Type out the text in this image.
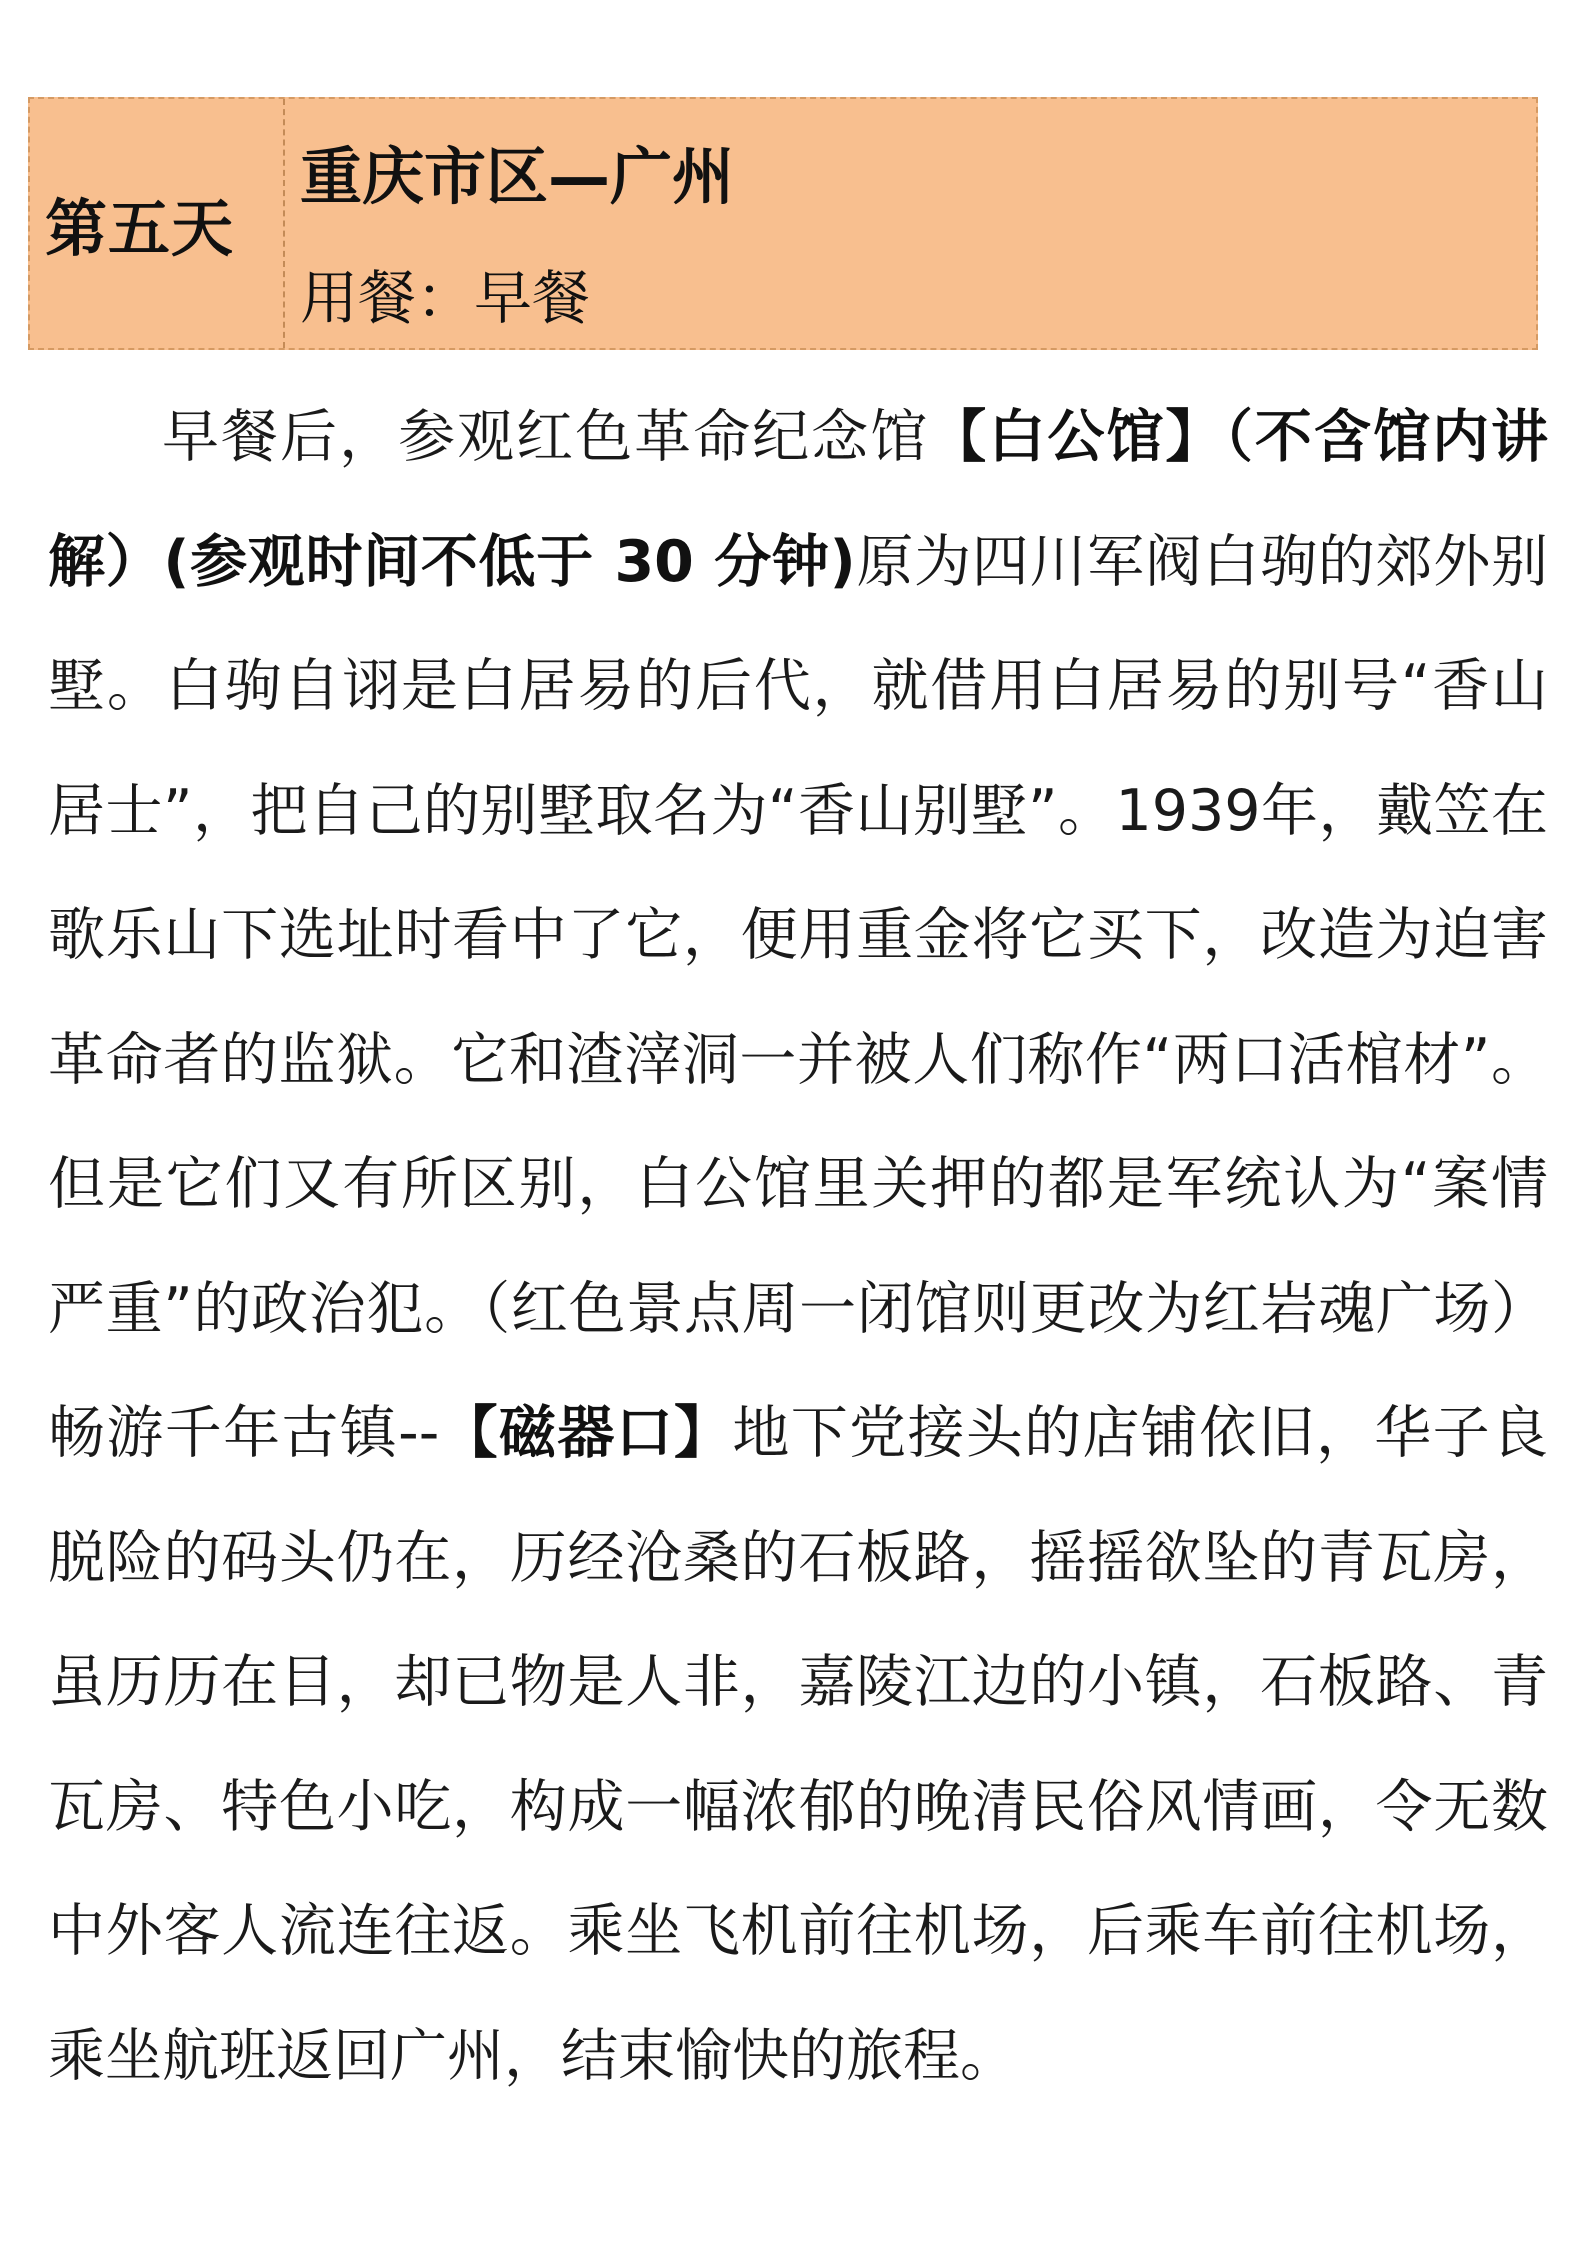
第五天
重庆市区—广州
用餐：早餐
早餐后，参观红色革命纪念馆【白公馆】（不含馆内讲解）(参观时间不低于 30 分钟)原为四川军阀白驹的郊外别墅。白驹自诩是白居易的后代，就借用白居易的别号“香山居士”，把自己的别墅取名为“香山别墅”。1939年，戴笠在歌乐山下选址时看中了它，便用重金将它买下，改造为迫害革命者的监狱。它和渣滓洞一并被人们称作“两口活棺材”。但是它们又有所区别，白公馆里关押的都是军统认为“案情严重”的政治犯。（红色景点周一闭馆则更改为红岩魂广场）畅游千年古镇--【磁器口】地下党接头的店铺依旧，华子良脱险的码头仍在，历经沧桑的石板路，摇摇欲坠的青瓦房，虽历历在目，却已物是人非，嘉陵江边的小镇，石板路、青瓦房、特色小吃，构成一幅浓郁的晚清民俗风情画，令无数中外客人流连往返。乘坐飞机前往机场，后乘车前往机场，乘坐航班返回广州，结束愉快的旅程。
